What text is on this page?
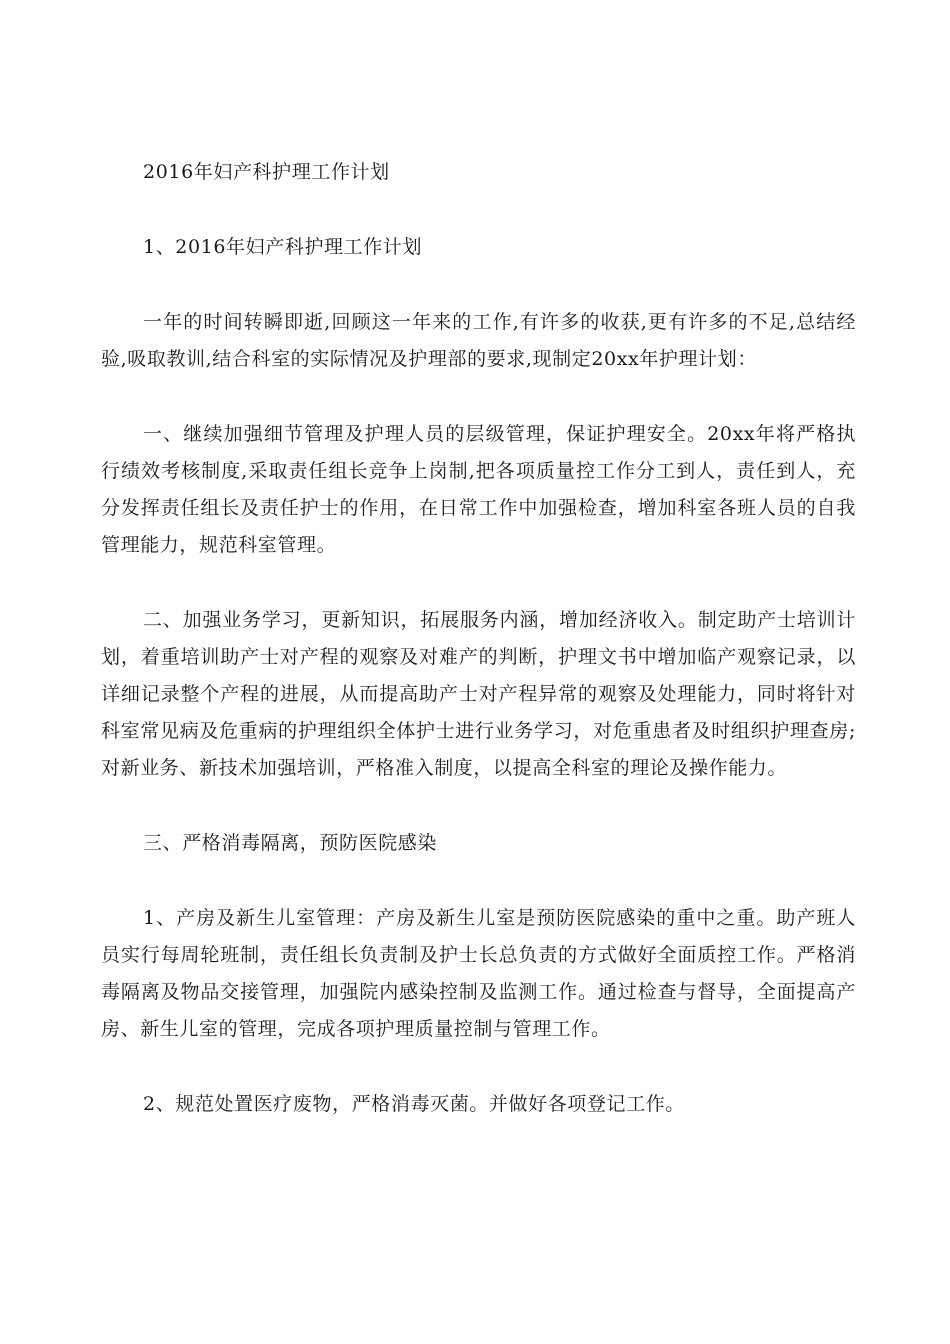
2016年妇产科护理工作计划

1、2016年妇产科护理工作计划

一年的时间转瞬即逝,回顾这一年来的工作,有许多的收获,更有许多的不足,总结经验,吸取教训,结合科室的实际情况及护理部的要求,现制定20xx年护理计划：

一、继续加强细节管理及护理人员的层级管理，保证护理安全。20xx年将严格执行绩效考核制度,采取责任组长竞争上岗制,把各项质量控工作分工到人，责任到人，充分发挥责任组长及责任护士的作用，在日常工作中加强检查，增加科室各班人员的自我管理能力，规范科室管理。

二、加强业务学习，更新知识，拓展服务内涵，增加经济收入。制定助产士培训计划，着重培训助产士对产程的观察及对难产的判断，护理文书中增加临产观察记录，以详细记录整个产程的进展，从而提高助产士对产程异常的观察及处理能力，同时将针对科室常见病及危重病的护理组织全体护士进行业务学习，对危重患者及时组织护理查房;对新业务、新技术加强培训，严格准入制度，以提高全科室的理论及操作能力。

三、严格消毒隔离，预防医院感染

1、产房及新生儿室管理：产房及新生儿室是预防医院感染的重中之重。助产班人员实行每周轮班制，责任组长负责制及护士长总负责的方式做好全面质控工作。严格消毒隔离及物品交接管理，加强院内感染控制及监测工作。通过检查与督导，全面提高产房、新生儿室的管理，完成各项护理质量控制与管理工作。

2、规范处置医疗废物，严格消毒灭菌。并做好各项登记工作。
